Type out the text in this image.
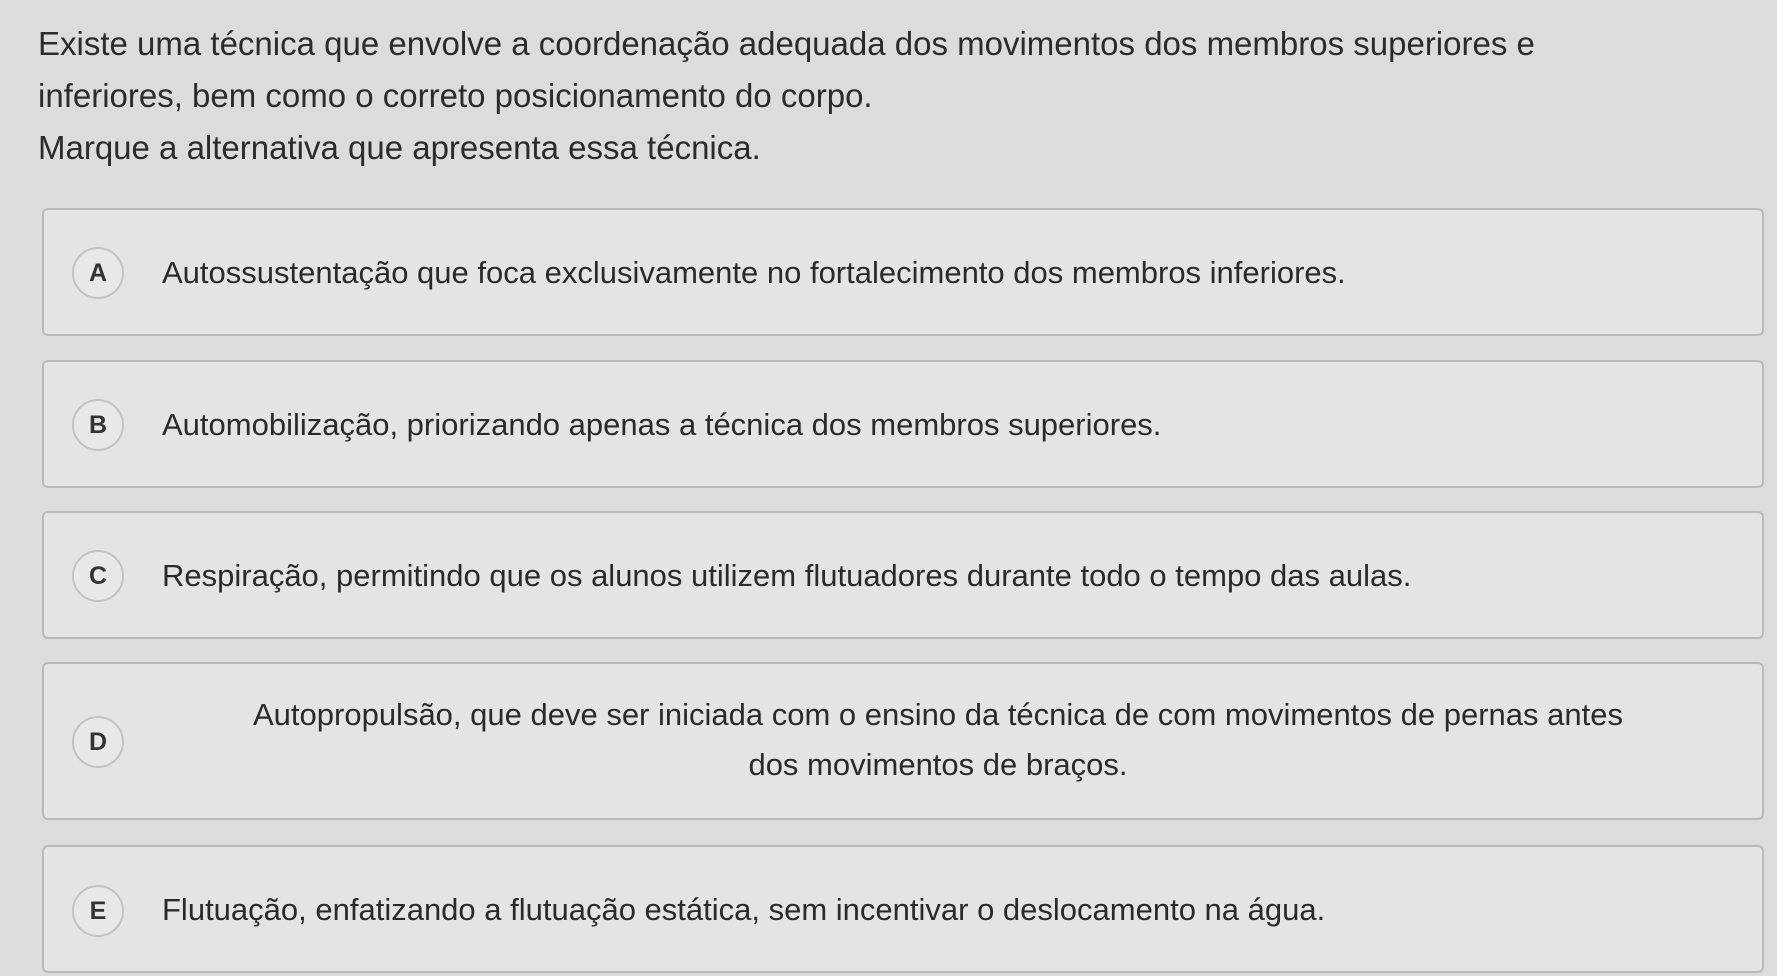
Existe uma técnica que envolve a coordenação adequada dos movimentos dos membros superiores e

inferiores, bem como o correto posicionamento do corpo.

Marque a alternativa que apresenta essa técnica.

A	Autossustentação que foca exclusivamente no fortalecimento dos membros inferiores.
B	Automobilização, priorizando apenas a técnica dos membros superiores.
C	Respiração, permitindo que os alunos utilizem flutuadores durante todo o tempo das aulas.
D
Autopropulsão, que deve ser iniciada com o ensino da técnica de com movimentos de pernas antes
dos movimentos de braços.
E	Flutuação, enfatizando a flutuação estática, sem incentivar o deslocamento na água.
